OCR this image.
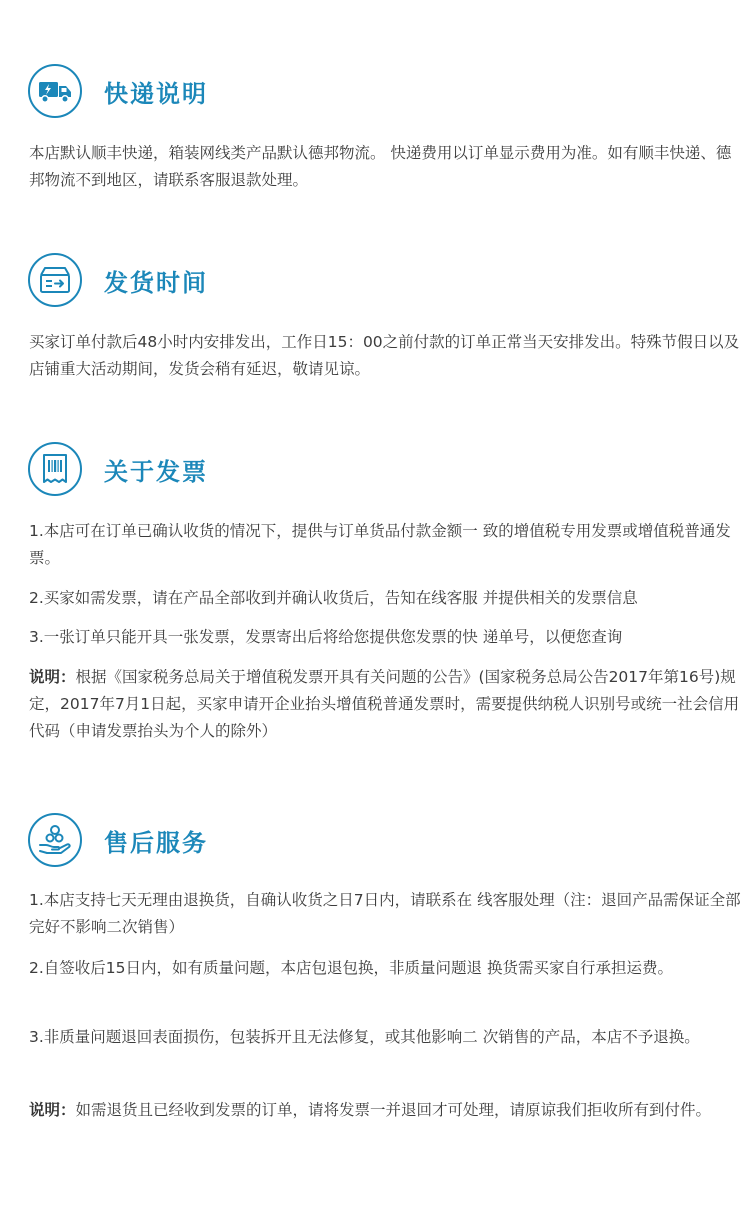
快递说明

本店默认顺丰快递，箱装网线类产品默认德邦物流。 快递费用以订单显示费用为准。如有顺丰快递、德邦物流不到地区，请联系客服退款处理。

发货时间

买家订单付款后48小时内安排发出，工作日15：00之前付款的订单正常当天安排发出。特殊节假日以及店铺重大活动期间，发货会稍有延迟，敬请见谅。

关于发票

1.本店可在订单已确认收货的情况下，提供与订单货品付款金额一 致的增值税专用发票或增值税普通发票。

2.买家如需发票，请在产品全部收到并确认收货后，告知在线客服 并提供相关的发票信息

3.一张订单只能开具一张发票，发票寄出后将给您提供您发票的快 递单号，以便您查询

说明：根据《国家税务总局关于增值税发票开具有关问题的公告》(国家税务总局公告2017年第16号)规定，2017年7月1日起，买家申请开企业抬头增值税普通发票时，需要提供纳税人识别号或统一社会信用代码（申请发票抬头为个人的除外）

售后服务

1.本店支持七天无理由退换货，自确认收货之日7日内，请联系在 线客服处理（注：退回产品需保证全部完好不影响二次销售）

2.自签收后15日内，如有质量问题，本店包退包换，非质量问题退 换货需买家自行承担运费。

3.非质量问题退回表面损伤，包装拆开且无法修复，或其他影响二 次销售的产品，本店不予退换。

说明：如需退货且已经收到发票的订单，请将发票一并退回才可处理，请原谅我们拒收所有到付件。
